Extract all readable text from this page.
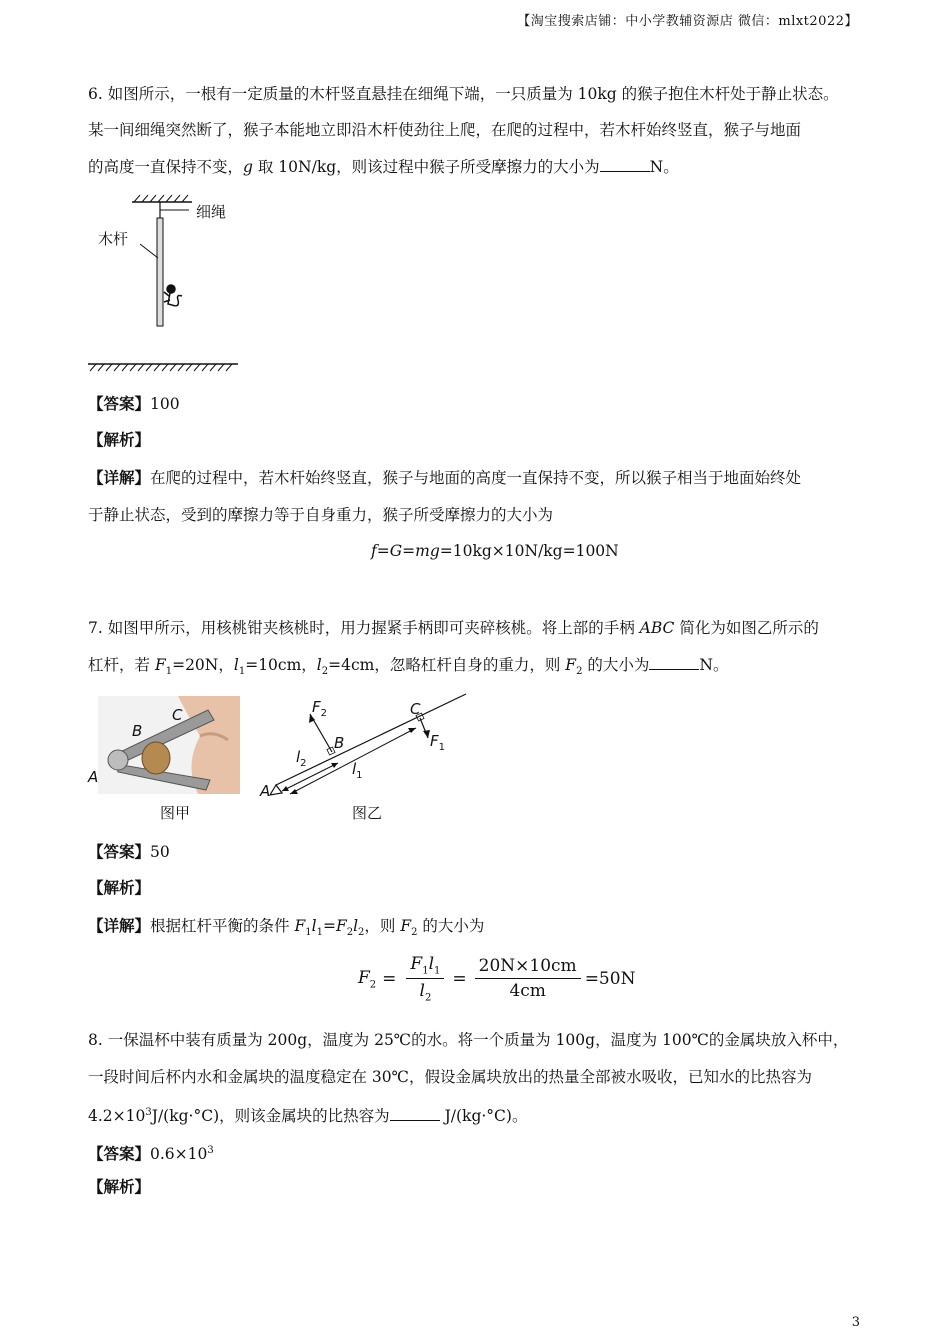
【淘宝搜索店铺：中小学教辅资源店 微信：mlxt2022】
6. 如图所示，一根有一定质量的木杆竖直悬挂在细绳下端，一只质量为 10kg 的猴子抱住木杆处于静止状态。
某一间细绳突然断了，猴子本能地立即沿木杆使劲往上爬，在爬的过程中，若木杆始终竖直，猴子与地面
的高度一直保持不变，g 取 10N/kg，则该过程中猴子所受摩擦力的大小为	N。
细绳
木杆
【答案】100
【解析】
【详解】在爬的过程中，若木杆始终竖直，猴子与地面的高度一直保持不变，所以猴子相当于地面始终处
于静止状态，受到的摩擦力等于自身重力，猴子所受摩擦力的大小为
f=G=mg=10kg×10N/kg=100N
7. 如图甲所示，用核桃钳夹核桃时，用力握紧手柄即可夹碎核桃。将上部的手柄 ABC 简化为如图乙所示的
杠杆，若 $F_1=20N$，$l_1=10cm$，$l_2=4cm$，忽略杠杆自身的重力，则 $F_2$ 的大小为	N。
A
B
C
A
B
C
$F_2$
$F_1$
$l_2$	$l_1$
图甲	图乙
【答案】50
【解析】
【详解】根据杠杆平衡的条件 $F_1l_1=F_2l_2$，则 $F_2$ 的大小为
$F_2 = \frac{F_1l_1}{l_2} = \frac{20N\times 10cm}{4cm} =50N$
8. 一保温杯中装有质量为 200g，温度为 25℃的水。将一个质量为 100g，温度为 100℃的金属块放入杯中，
一段时间后杯内水和金属块的温度稳定在 30℃，假设金属块放出的热量全部被水吸收，已知水的比热容为
$4.2\times 10^3J/(kg\cdot^\circ C)$，则该金属块的比热容为	J/(kg·°C)。
【答案】$0.6\times 10^3$
【解析】
3
